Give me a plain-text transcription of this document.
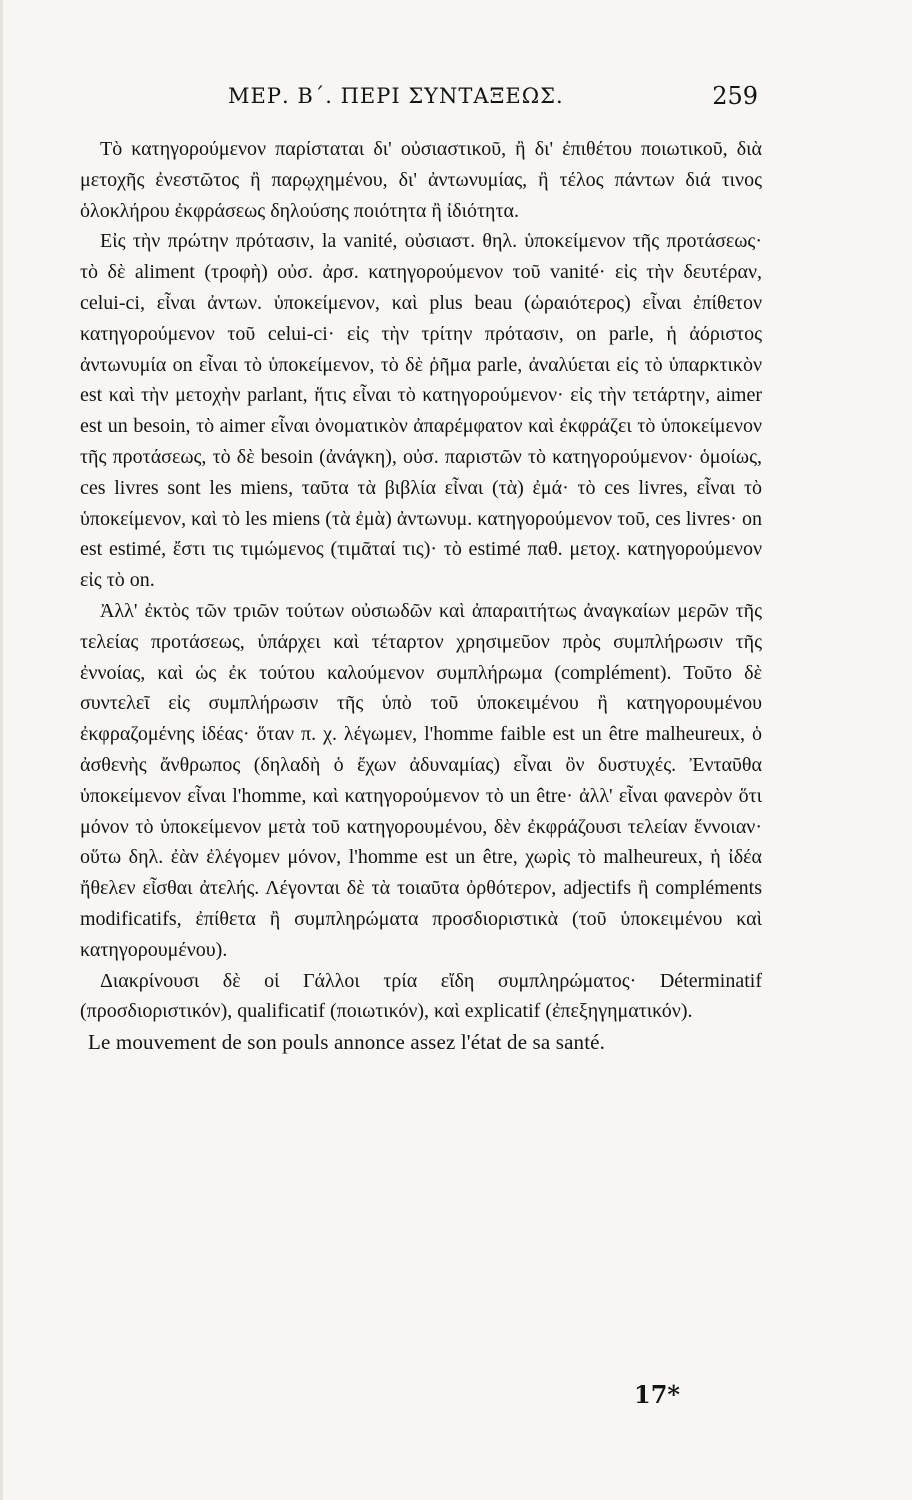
ΜΕΡ. Β΄. ΠΕΡΙ ΣΥΝΤΑΞΕΩΣ.	259

Τὸ κατηγορούμενον παρίσταται δι' οὐσιαστικοῦ, ἢ δι' ἐπιθέτου ποιωτικοῦ, διὰ μετοχῆς ἐνεστῶτος ἢ παρῳχημένου, δι' ἀντωνυμίας, ἢ τέλος πάντων διά τινος ὁλοκλήρου ἐκφράσεως δηλούσης ποιότητα ἢ ἰδιότητα.

Εἰς τὴν πρώτην πρότασιν, la vanité, οὐσιαστ. θηλ. ὑποκείμενον τῆς προτάσεως· τὸ δὲ aliment (τροφὴ) οὐσ. ἀρσ. κατηγορούμενον τοῦ vanité· εἰς τὴν δευτέραν, celui-ci, εἶναι ἀντων. ὑποκείμενον, καὶ plus beau (ὡραιότερος) εἶναι ἐπίθετον κατηγορούμενον τοῦ celui-ci· εἰς τὴν τρίτην πρότασιν, on parle, ἡ ἀόριστος ἀντωνυμία on εἶναι τὸ ὑποκείμενον, τὸ δὲ ῥῆμα parle, ἀναλύεται εἰς τὸ ὑπαρκτικὸν est καὶ τὴν μετοχὴν parlant, ἥτις εἶναι τὸ κατηγορούμενον· εἰς τὴν τετάρτην, aimer est un besoin, τὸ aimer εἶναι ὀνοματικὸν ἀπαρέμφατον καὶ ἐκφράζει τὸ ὑποκείμενον τῆς προτάσεως, τὸ δὲ besoin (ἀνάγκη), οὐσ. παριστῶν τὸ κατηγορούμενον· ὁμοίως, ces livres sont les miens, ταῦτα τὰ βιβλία εἶναι (τὰ) ἐμά· τὸ ces livres, εἶναι τὸ ὑποκείμενον, καὶ τὸ les miens (τὰ ἐμὰ) ἀντωνυμ. κατηγορούμενον τοῦ, ces livres· on est estimé, ἔστι τις τιμώμενος (τιμᾶταί τις)· τὸ estimé παθ. μετοχ. κατηγορούμενον εἰς τὸ on.

Ἀλλ' ἐκτὸς τῶν τριῶν τούτων οὐσιωδῶν καὶ ἀπαραιτήτως ἀναγκαίων μερῶν τῆς τελείας προτάσεως, ὑπάρχει καὶ τέταρτον χρησιμεῦον πρὸς συμπλήρωσιν τῆς ἐννοίας, καὶ ὡς ἐκ τούτου καλούμενον συμπλήρωμα (complément). Τοῦτο δὲ συντελεῖ εἰς συμπλήρωσιν τῆς ὑπὸ τοῦ ὑποκειμένου ἢ κατηγορουμένου ἐκφραζομένης ἰδέας· ὅταν π. χ. λέγωμεν, l'homme faible est un être malheureux, ὁ ἀσθενὴς ἄνθρωπος (δηλαδὴ ὁ ἔχων ἀδυναμίας) εἶναι ὂν δυστυχές. Ἐνταῦθα ὑποκείμενον εἶναι l'homme, καὶ κατηγορούμενον τὸ un être· ἀλλ' εἶναι φανερὸν ὅτι μόνον τὸ ὑποκείμενον μετὰ τοῦ κατηγορουμένου, δὲν ἐκφράζουσι τελείαν ἔννοιαν· οὕτω δηλ. ἐὰν ἐλέγομεν μόνον, l'homme est un être, χωρὶς τὸ malheureux, ἡ ἰδέα ἤθελεν εἶσθαι ἀτελής. Λέγονται δὲ τὰ τοιαῦτα ὀρθότερον, adjectifs ἢ compléments modificatifs, ἐπίθετα ἢ συμπληρώματα προσδιοριστικὰ (τοῦ ὑποκειμένου καὶ κατηγορουμένου).

Διακρίνουσι δὲ οἱ Γάλλοι τρία εἴδη συμπληρώματος· Déterminatif (προσδιοριστικόν), qualificatif (ποιωτικόν), καὶ explicatif (ἐπεξηγηματικόν).

Le mouvement de son pouls annonce assez l'état de sa santé.

17*
